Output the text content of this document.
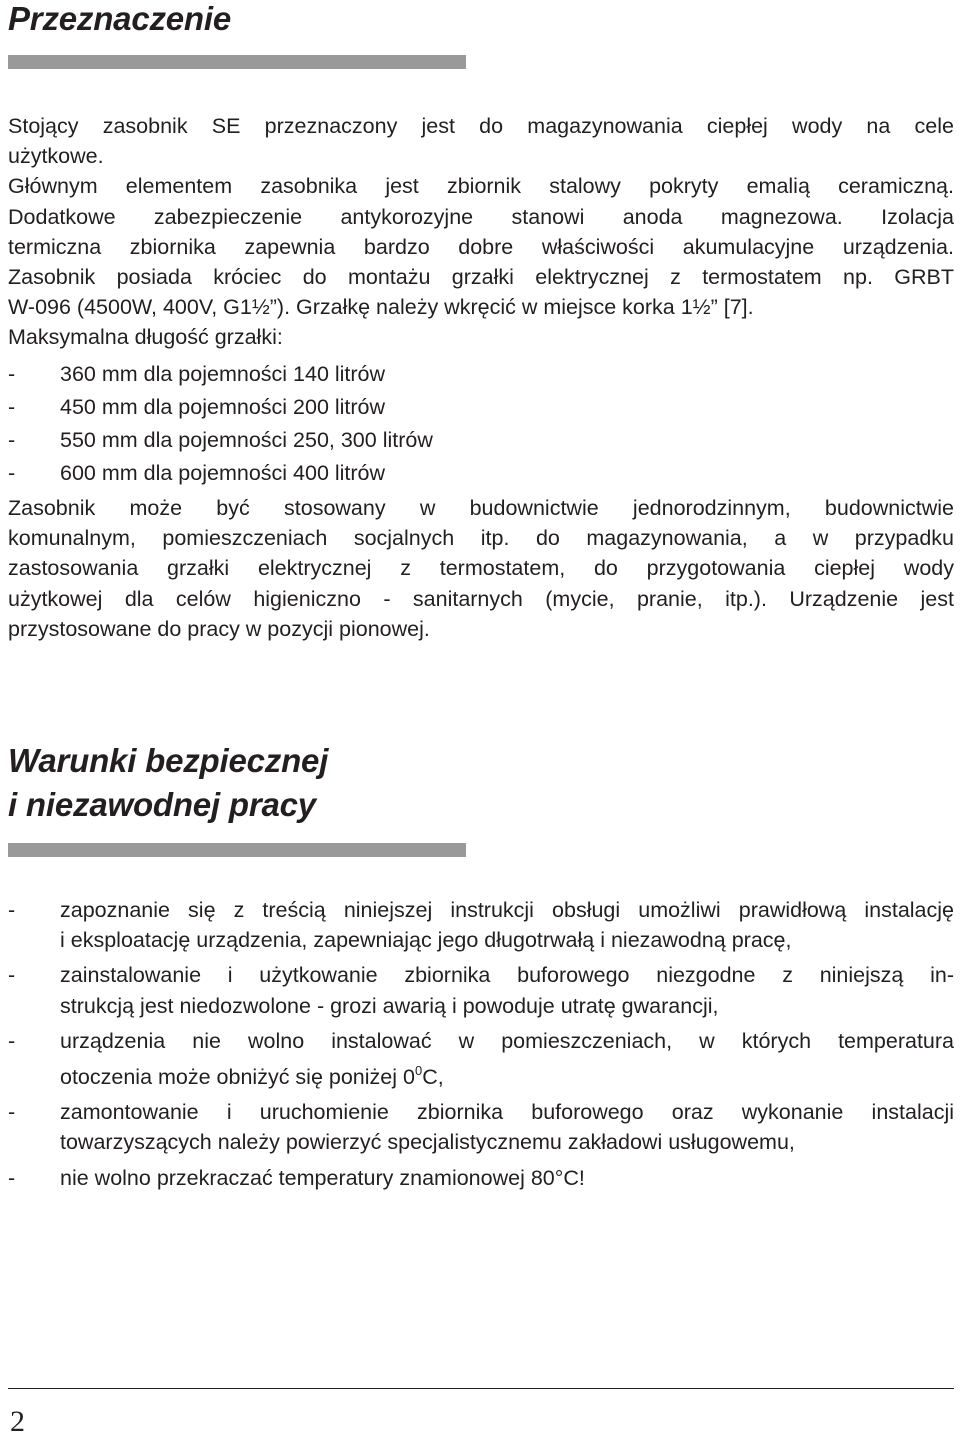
Przeznaczenie
Stojący zasobnik SE przeznaczony jest do magazynowania ciepłej wody na cele
użytkowe.
Głównym elementem zasobnika jest zbiornik stalowy pokryty emalią ceramiczną.
Dodatkowe zabezpieczenie antykorozyjne stanowi anoda magnezowa. Izolacja
termiczna zbiornika zapewnia bardzo dobre właściwości akumulacyjne urządzenia.
Zasobnik posiada króciec do montażu grzałki elektrycznej z termostatem np. GRBT
W-096 (4500W, 400V, G1½”). Grzałkę należy wkręcić w miejsce korka 1½” [7].
Maksymalna długość grzałki:
-	360 mm dla pojemności 140 litrów
-	450 mm dla pojemności 200 litrów
-	550 mm dla pojemności 250, 300 litrów
-	600 mm dla pojemności 400 litrów
Zasobnik może być stosowany w budownictwie jednorodzinnym, budownictwie
komunalnym, pomieszczeniach socjalnych itp. do magazynowania, a w przypadku
zastosowania grzałki elektrycznej z termostatem, do przygotowania ciepłej wody
użytkowej dla celów higieniczno - sanitarnych (mycie, pranie, itp.). Urządzenie jest
przystosowane do pracy w pozycji pionowej.
Warunki bezpiecznej
i niezawodnej pracy
-	zapoznanie się z treścią niniejszej instrukcji obsługi umożliwi prawidłową instalację
i eksploatację urządzenia, zapewniając jego długotrwałą i niezawodną pracę,
-	zainstalowanie i użytkowanie zbiornika buforowego niezgodne z niniejszą in-
strukcją jest niedozwolone - grozi awarią i powoduje utratę gwarancji,
-	urządzenia nie wolno instalować w pomieszczeniach, w których temperatura
otoczenia może obniżyć się poniżej $0^0C$,
-	zamontowanie i uruchomienie zbiornika buforowego oraz wykonanie instalacji
towarzyszących należy powierzyć specjalistycznemu zakładowi usługowemu,
-	nie wolno przekraczać temperatury znamionowej 80°C!
2
